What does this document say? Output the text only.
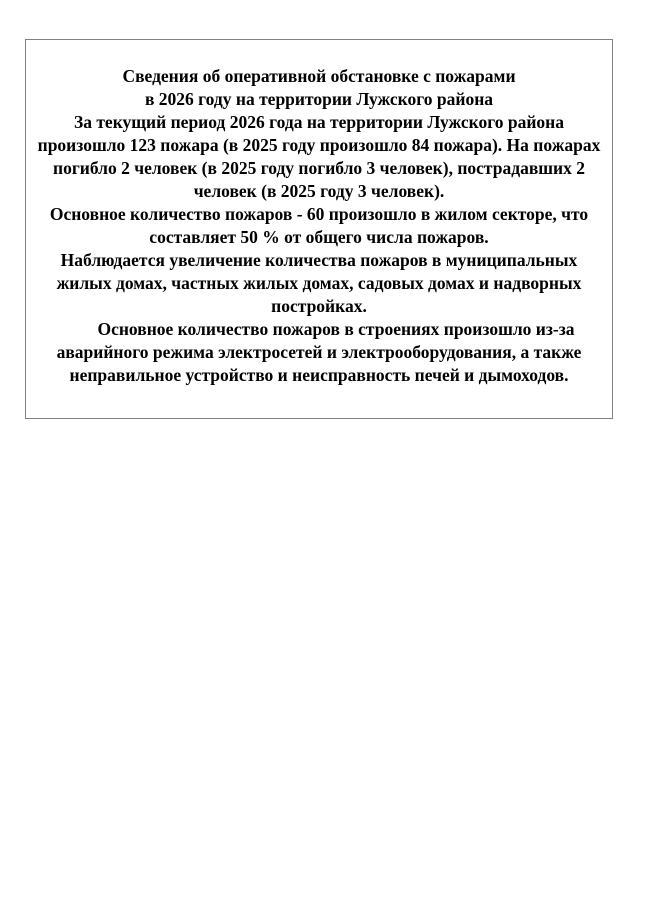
Сведения об оперативной обстановке с пожарами

в 2026 году на территории Лужского района

За текущий период 2026 года на территории Лужского района произошло 123 пожара (в 2025 году произошло 84 пожара). На пожарах погибло 2 человек (в 2025 году погибло 3 человек), пострадавших 2 человек (в 2025 году 3 человек).

Основное количество пожаров - 60 произошло в жилом секторе, что составляет 50 % от общего числа пожаров.

Наблюдается увеличение количества пожаров в муниципальных жилых домах, частных жилых домах, садовых домах и надворных постройках.

Основное количество пожаров в строениях произошло из-за аварийного режима электросетей и электрооборудования, а также неправильное устройство и неисправность печей и дымоходов.
